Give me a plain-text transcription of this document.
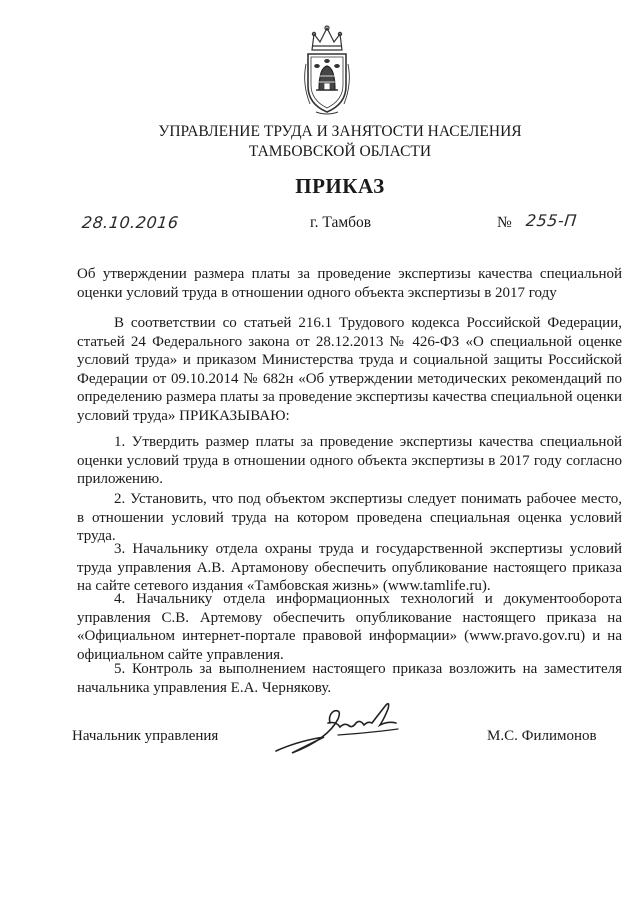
УПРАВЛЕНИЕ ТРУДА И ЗАНЯТОСТИ НАСЕЛЕНИЯ
ТАМБОВСКОЙ ОБЛАСТИ
ПРИКАЗ
28.10.2016	г. Тамбов	№ 255-П
Об утверждении размера платы за проведение экспертизы качества специальной оценки условий труда в отношении одного объекта экспертизы в 2017 году
В соответствии со статьей 216.1 Трудового кодекса Российской Федерации, статьей 24 Федерального закона от 28.12.2013 № 426-ФЗ «О специальной оценке условий труда» и приказом Министерства труда и социальной защиты Российской Федерации от 09.10.2014 № 682н «Об утверждении методических рекомендаций по определению размера платы за проведение экспертизы качества специальной оценки условий труда» ПРИКАЗЫВАЮ:
1. Утвердить размер платы за проведение экспертизы качества специальной оценки условий труда в отношении одного объекта экспертизы в 2017 году согласно приложению.
2. Установить, что под объектом экспертизы следует понимать рабочее место, в отношении условий труда на котором проведена специальная оценка условий труда.
3. Начальнику отдела охраны труда и государственной экспертизы условий труда управления А.В. Артамонову обеспечить опубликование настоящего приказа на сайте сетевого издания «Тамбовская жизнь» (www.tamlife.ru).
4. Начальнику отдела информационных технологий и документооборота управления С.В. Артемову обеспечить опубликование настоящего приказа на «Официальном интернет-портале правовой информации» (www.pravo.gov.ru) и на официальном сайте управления.
5. Контроль за выполнением настоящего приказа возложить на заместителя начальника управления Е.А. Чернякову.
Начальник управления	М.С. Филимонов
